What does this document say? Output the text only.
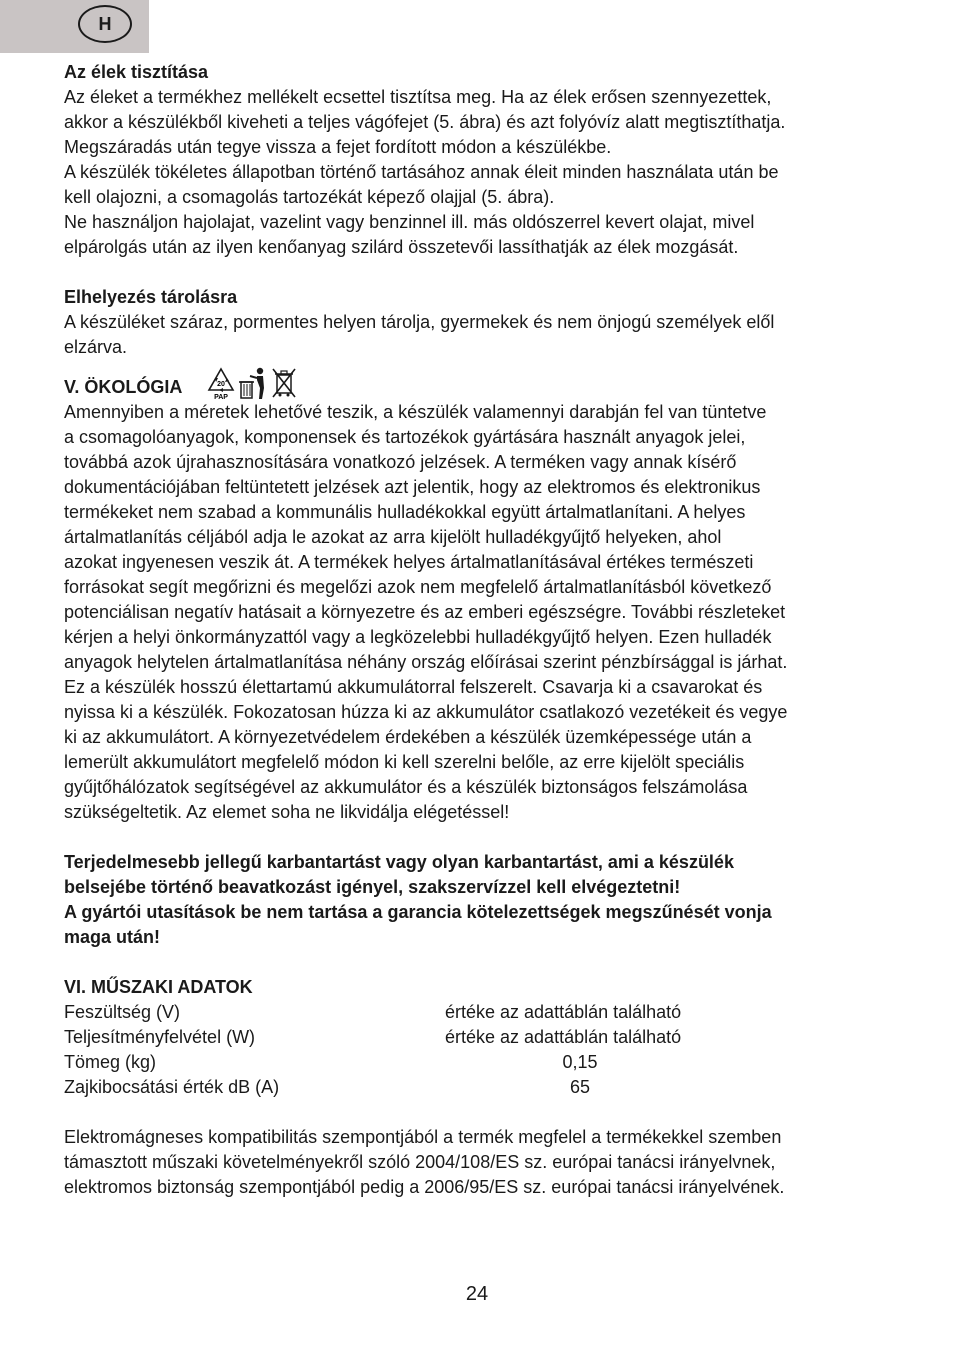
H

Az élek tisztítása

Az éleket a termékhez mellékelt ecsettel tisztítsa meg. Ha az élek erősen szennyezettek,

akkor a készülékből kiveheti a teljes vágófejet (5. ábra) és azt folyóvíz alatt megtisztíthatja.

Megszáradás után tegye vissza a fejet fordított módon a készülékbe.

A készülék tökéletes állapotban történő tartásához annak éleit minden használata után be

kell olajozni, a csomagolás tartozékát képező olajjal (5. ábra).

Ne használjon hajolajat, vazelint vagy benzinnel ill. más oldószerrel kevert olajat, mivel

elpárolgás után az ilyen kenőanyag szilárd összetevői lassíthatják az élek mozgását.

Elhelyezés tárolásra

A készüléket száraz, pormentes helyen tárolja, gyermekek és nem önjogú személyek elől

elzárva.

V. ÖKOLÓGIA	20
PAP

Amennyiben a méretek lehetővé teszik, a készülék valamennyi darabján fel van tüntetve

a csomagolóanyagok, komponensek és tartozékok gyártására használt anyagok jelei,

továbbá azok újrahasznosítására vonatkozó jelzések. A terméken vagy annak kísérő

dokumentációjában feltüntetett jelzések azt jelentik, hogy az elektromos és elektronikus

termékeket nem szabad a kommunális hulladékokkal együtt ártalmatlanítani. A helyes

ártalmatlanítás céljából adja le azokat az arra kijelölt hulladékgyűjtő helyeken, ahol

azokat ingyenesen veszik át. A termékek helyes ártalmatlanításával értékes természeti

forrásokat segít megőrizni és megelőzi azok nem megfelelő ártalmatlanításból következő

potenciálisan negatív hatásait a környezetre és az emberi egészségre. További részleteket

kérjen a helyi önkormányzattól vagy a legközelebbi hulladékgyűjtő helyen. Ezen hulladék

anyagok helytelen ártalmatlanítása néhány ország előírásai szerint pénzbírsággal is járhat.

Ez a készülék hosszú élettartamú akkumulátorral felszerelt. Csavarja ki a csavarokat és

nyissa ki a készülék. Fokozatosan húzza ki az akkumulátor csatlakozó vezetékeit és vegye

ki az akkumulátort. A környezetvédelem érdekében a készülék üzemképessége után a

lemerült akkumulátort megfelelő módon ki kell szerelni belőle, az erre kijelölt speciális

gyűjtőhálózatok segítségével az akkumulátor és a készülék biztonságos felszámolása

szükségeltetik. Az elemet soha ne likvidálja elégetéssel!

Terjedelmesebb jellegű karbantartást vagy olyan karbantartást, ami a készülék

belsejébe történő beavatkozást igényel, szakszervízzel kell elvégeztetni!

A gyártói utasítások be nem tartása a garancia kötelezettségek megszűnését vonja

maga után!

VI. MŰSZAKI ADATOK

Feszültség (V)	értéke az adattáblán található
Teljesítményfelvétel (W)	értéke az adattáblán található
Tömeg (kg)	0,15
Zajkibocsátási érték dB (A)	65

Elektromágneses kompatibilitás szempontjából a termék megfelel a termékekkel szemben

támasztott műszaki követelményekről szóló 2004/108/ES sz. európai tanácsi irányelvnek,

elektromos biztonság szempontjából pedig a 2006/95/ES sz. európai tanácsi irányelvének.

24
